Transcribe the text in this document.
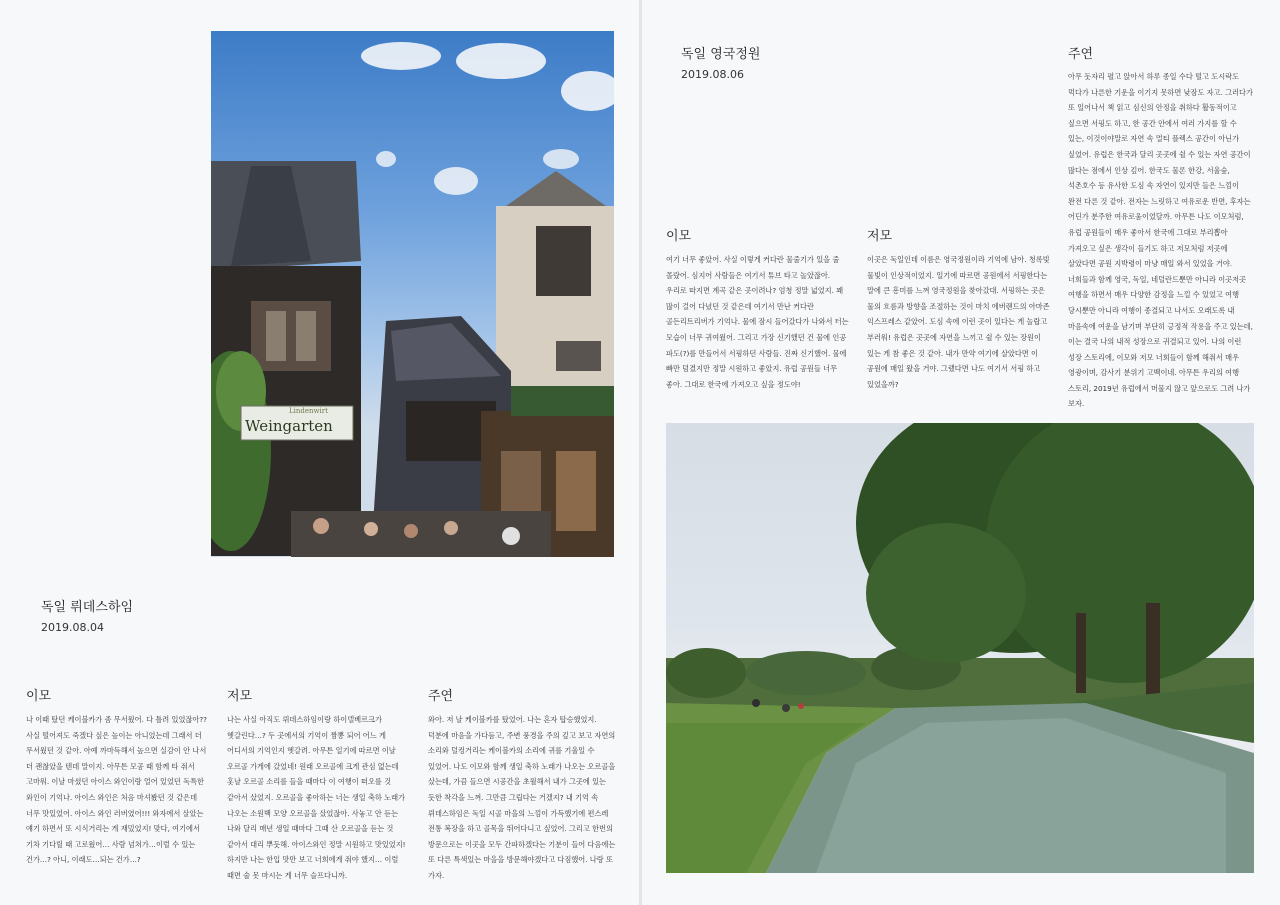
Lindenwirt
Weingarten
독일 뤼데스하임
2019.08.04
이모	저모	주연
나 이때 탔던 케이블카가 좀 무서웠어. 다 틀려 있었잖아?? 사실 떨어져도 죽겠다 싶은 높이는 아니었는데 그래서 더 무서웠던 것 같아. 아예 까마득해서 높으면 실감이 안 나서 더 괜찮았을 텐데 말이지. 아무튼 모공 때 함께 타 줘서 고마워. 이날 마셨던 아이스 와인이랑 얼어 있었던 독특한 와인이 기억나. 아이스 와인은 처음 마셔봤던 것 같은데 너무 맛있었어. 아이스 와인 러버였어!!! 와자에서 살았는 얘기 하면서 또 시식거리는 게 재밌었지! 맞다, 여기에서 기차 기다릴 때 고로웠어… 사람 넘쳐가…이럴 수 있는 건가…? 아니, 이래도…되는 건가…?
나는 사실 아직도 뤼데스하임이랑 하이델베르크가 헷갈린다…? 두 곳에서의 기억이 짬뽕 되어 어느 게 어디서의 기억인지 헷갈려. 아무튼 일기에 따르면 이날 오르골 가게에 갔었네! 원래 오르골에 크게 관심 없는데 홋날 오르골 소리를 들을 때마다 이 여행이 떠오를 것 같아서 샀었지. 오르골을 좋아하는 너는 생일 축하 노래가 나오는 소원백 모양 오르골을 샀었잖아. 사놓고 안 듣는 나와 달리 매년 생일 때마다 그때 산 오르골을 듣는 것 같아서 대리 뿌듯해. 아이스와인 정말 시원하고 맛있었지! 하지만 나는 한입 맛만 보고 너희에게 줘야 했지… 이럴 때면 술 못 마시는 게 너무 슬프다니까.
와아. 저 날 케이블카를 탔었어. 나는 혼자 탑승했었지. 덕분에 마음을 가다듬고, 주변 풍경을 주의 깊고 보고 자연의 소리와 덜컹거리는 케이블카의 소리에 귀를 기울일 수 있었어. 나도 이모와 함께 생일 축하 노래가 나오는 오르골을 샀는데, 가끔 들으면 시공간을 초월해서 내가 그곳에 있는 듯한 착각을 느껴. 그만큼 그립다는 거겠지? 내 기억 속 뤼데스하임은 독일 시골 마을의 느낌이 가득했기에 편스레 전통 복장을 하고 골목을 뛰어다니고 싶었어. 그리고 한번의 방문으로는 이곳을 모두 간파하겠다는 기분이 들어 다음에는 또 다른 특색있는 마을을 방문해야겠다고 다짐했어. 나랑 또 가자.
독일 영국정원
2019.08.06
이모	저모
주연
여기 너무 좋았어. 사실 이렇게 커다란 물줄기가 있을 줄 몰랐어. 심지어 사람들은 여기서 튜브 타고 놀았잖아. 우리로 따지면 계곡 같은 곳이려나? 엄청 정말 넓었지. 꽤 많이 걸어 다녔던 것 같은데 여기서 만난 커다란 골든리트리버가 기억나. 물에 잠시 들어갔다가 나와서 터는 모습이 너무 귀여웠어. 그리고 가장 신기했던 건 물에 인공 파도(?)를 만들어서 서핑하던 사람들. 진짜 신기했어. 물에 빠만 덤겼지만 정말 시원하고 좋았지. 유럽 공원들 너무 좋아. 그대로 한국에 가져오고 싶을 정도야!
이곳은 독일인데 이름은 영국정원이라 기억에 남아. 청록빛 물빛이 인상적이었지. 일기에 따르면 공원에서 서핑한다는 말에 큰 흥미를 느껴 영국정원을 찾아갔대. 서핑하는 곳은 물의 흐름과 방향을 조절하는 것이 마치 에버랜드의 아마존 익스프레스 같았어. 도심 속에 이런 곳이 있다는 게 놀랍고 부러워! 유럽은 곳곳에 자연을 느끼고 쉴 수 있는 장원이 있는 게 참 좋은 것 같아. 내가 만약 여기에 살았다면 이 공원에 매일 왔을 거야. 그랬다면 나도 여기서 서핑 하고 있었을까?
아무 돗자리 펼고 앉아서 하루 종일 수다 떨고 도시락도 먹다가 나른한 기운을 이기지 못하면 낮잠도 자고. 그러다가 또 일어나서 책 읽고 심신의 안정을 취하다 활동적이고 싶으면 서핑도 하고, 한 공간 안에서 여러 가지를 할 수 있는, 이것이야말로 자연 속 멀티 플렉스 공간이 아닌가 싶었어. 유럽은 한국과 달리 곳곳에 쉴 수 있는 자연 공간이 많다는 점에서 인상 깊어. 한국도 물론 한강, 서울숲, 석촌호수 등 유사한 도심 속 자연이 있지만 들은 느낌이 완전 다른 것 같아. 전자는 느릿하고 여유로운 반면, 후자는 어딘가 분주한 여유로움이었달까. 아무튼 나도 이모처럼, 유럽 공원들이 매우 좋아서 한국에 그대로 부리뽑아 가져오고 싶은 생각이 들기도 하고 저모처럼 저곳에 살았다면 공원 지박령이 마냥 매일 와서 있었을 거야. 너희들과 함께 영국, 독일, 네덜란드뿐만 아니라 이곳저곳 여행을 하면서 매우 다양한 감정을 느낄 수 있었고 여행 당시뿐만 아니라 여행이 종결되고 나서도 오래도록 내 마음속에 여운을 남기며 부단히 긍정적 작용을 주고 있는데, 이는 결국 나의 내적 성장으로 귀결되고 있어. 나의 이런 성장 스토리에, 이모와 저모 너희들이 함께 해줘서 매우 영광이며, 감사기 분위기 고백이네. 아무튼 우리의 여행 스토리, 2019년 유럽에서 머물지 않고 앞으로도 그려 나가 보자.
